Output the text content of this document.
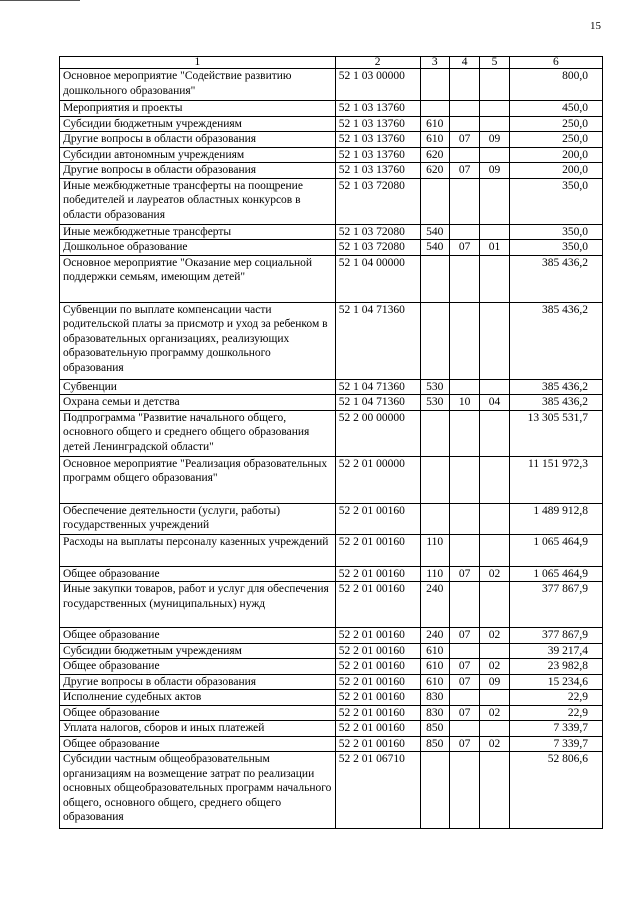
15
1	2	3	4	5	6
Основное мероприятие "Содействие развитию дошкольного образования"	52 1 03 00000				800,0
Мероприятия и проекты	52 1 03 13760				450,0
Субсидии бюджетным учреждениям	52 1 03 13760	610			250,0
Другие вопросы в области образования	52 1 03 13760	610	07	09	250,0
Субсидии автономным учреждениям	52 1 03 13760	620			200,0
Другие вопросы в области образования	52 1 03 13760	620	07	09	200,0
Иные межбюджетные трансферты на поощрение победителей и лауреатов областных конкурсов в области образования	52 1 03 72080				350,0
Иные межбюджетные трансферты	52 1 03 72080	540			350,0
Дошкольное образование	52 1 03 72080	540	07	01	350,0
Основное мероприятие "Оказание мер социальной поддержки семьям, имеющим детей"	52 1 04 00000				385 436,2
Субвенции по выплате компенсации части родительской платы за присмотр и уход за ребенком в образовательных организациях, реализующих образовательную программу дошкольного образования	52 1 04 71360				385 436,2
Субвенции	52 1 04 71360	530			385 436,2
Охрана семьи и детства	52 1 04 71360	530	10	04	385 436,2
Подпрограмма "Развитие начального общего, основного общего и среднего общего образования детей Ленинградской области"	52 2 00 00000				13 305 531,7
Основное мероприятие "Реализация образовательных программ общего образования"	52 2 01 00000				11 151 972,3
Обеспечение деятельности (услуги, работы) государственных учреждений	52 2 01 00160				1 489 912,8
Расходы на выплаты персоналу казенных учреждений	52 2 01 00160	110			1 065 464,9
Общее образование	52 2 01 00160	110	07	02	1 065 464,9
Иные закупки товаров, работ и услуг для обеспечения государственных (муниципальных) нужд	52 2 01 00160	240			377 867,9
Общее образование	52 2 01 00160	240	07	02	377 867,9
Субсидии бюджетным учреждениям	52 2 01 00160	610			39 217,4
Общее образование	52 2 01 00160	610	07	02	23 982,8
Другие вопросы в области образования	52 2 01 00160	610	07	09	15 234,6
Исполнение судебных актов	52 2 01 00160	830			22,9
Общее образование	52 2 01 00160	830	07	02	22,9
Уплата налогов, сборов и иных платежей	52 2 01 00160	850			7 339,7
Общее образование	52 2 01 00160	850	07	02	7 339,7
Субсидии частным общеобразовательным организациям на возмещение затрат по реализации основных общеобразовательных программ начального общего, основного общего, среднего общего образования	52 2 01 06710				52 806,6
